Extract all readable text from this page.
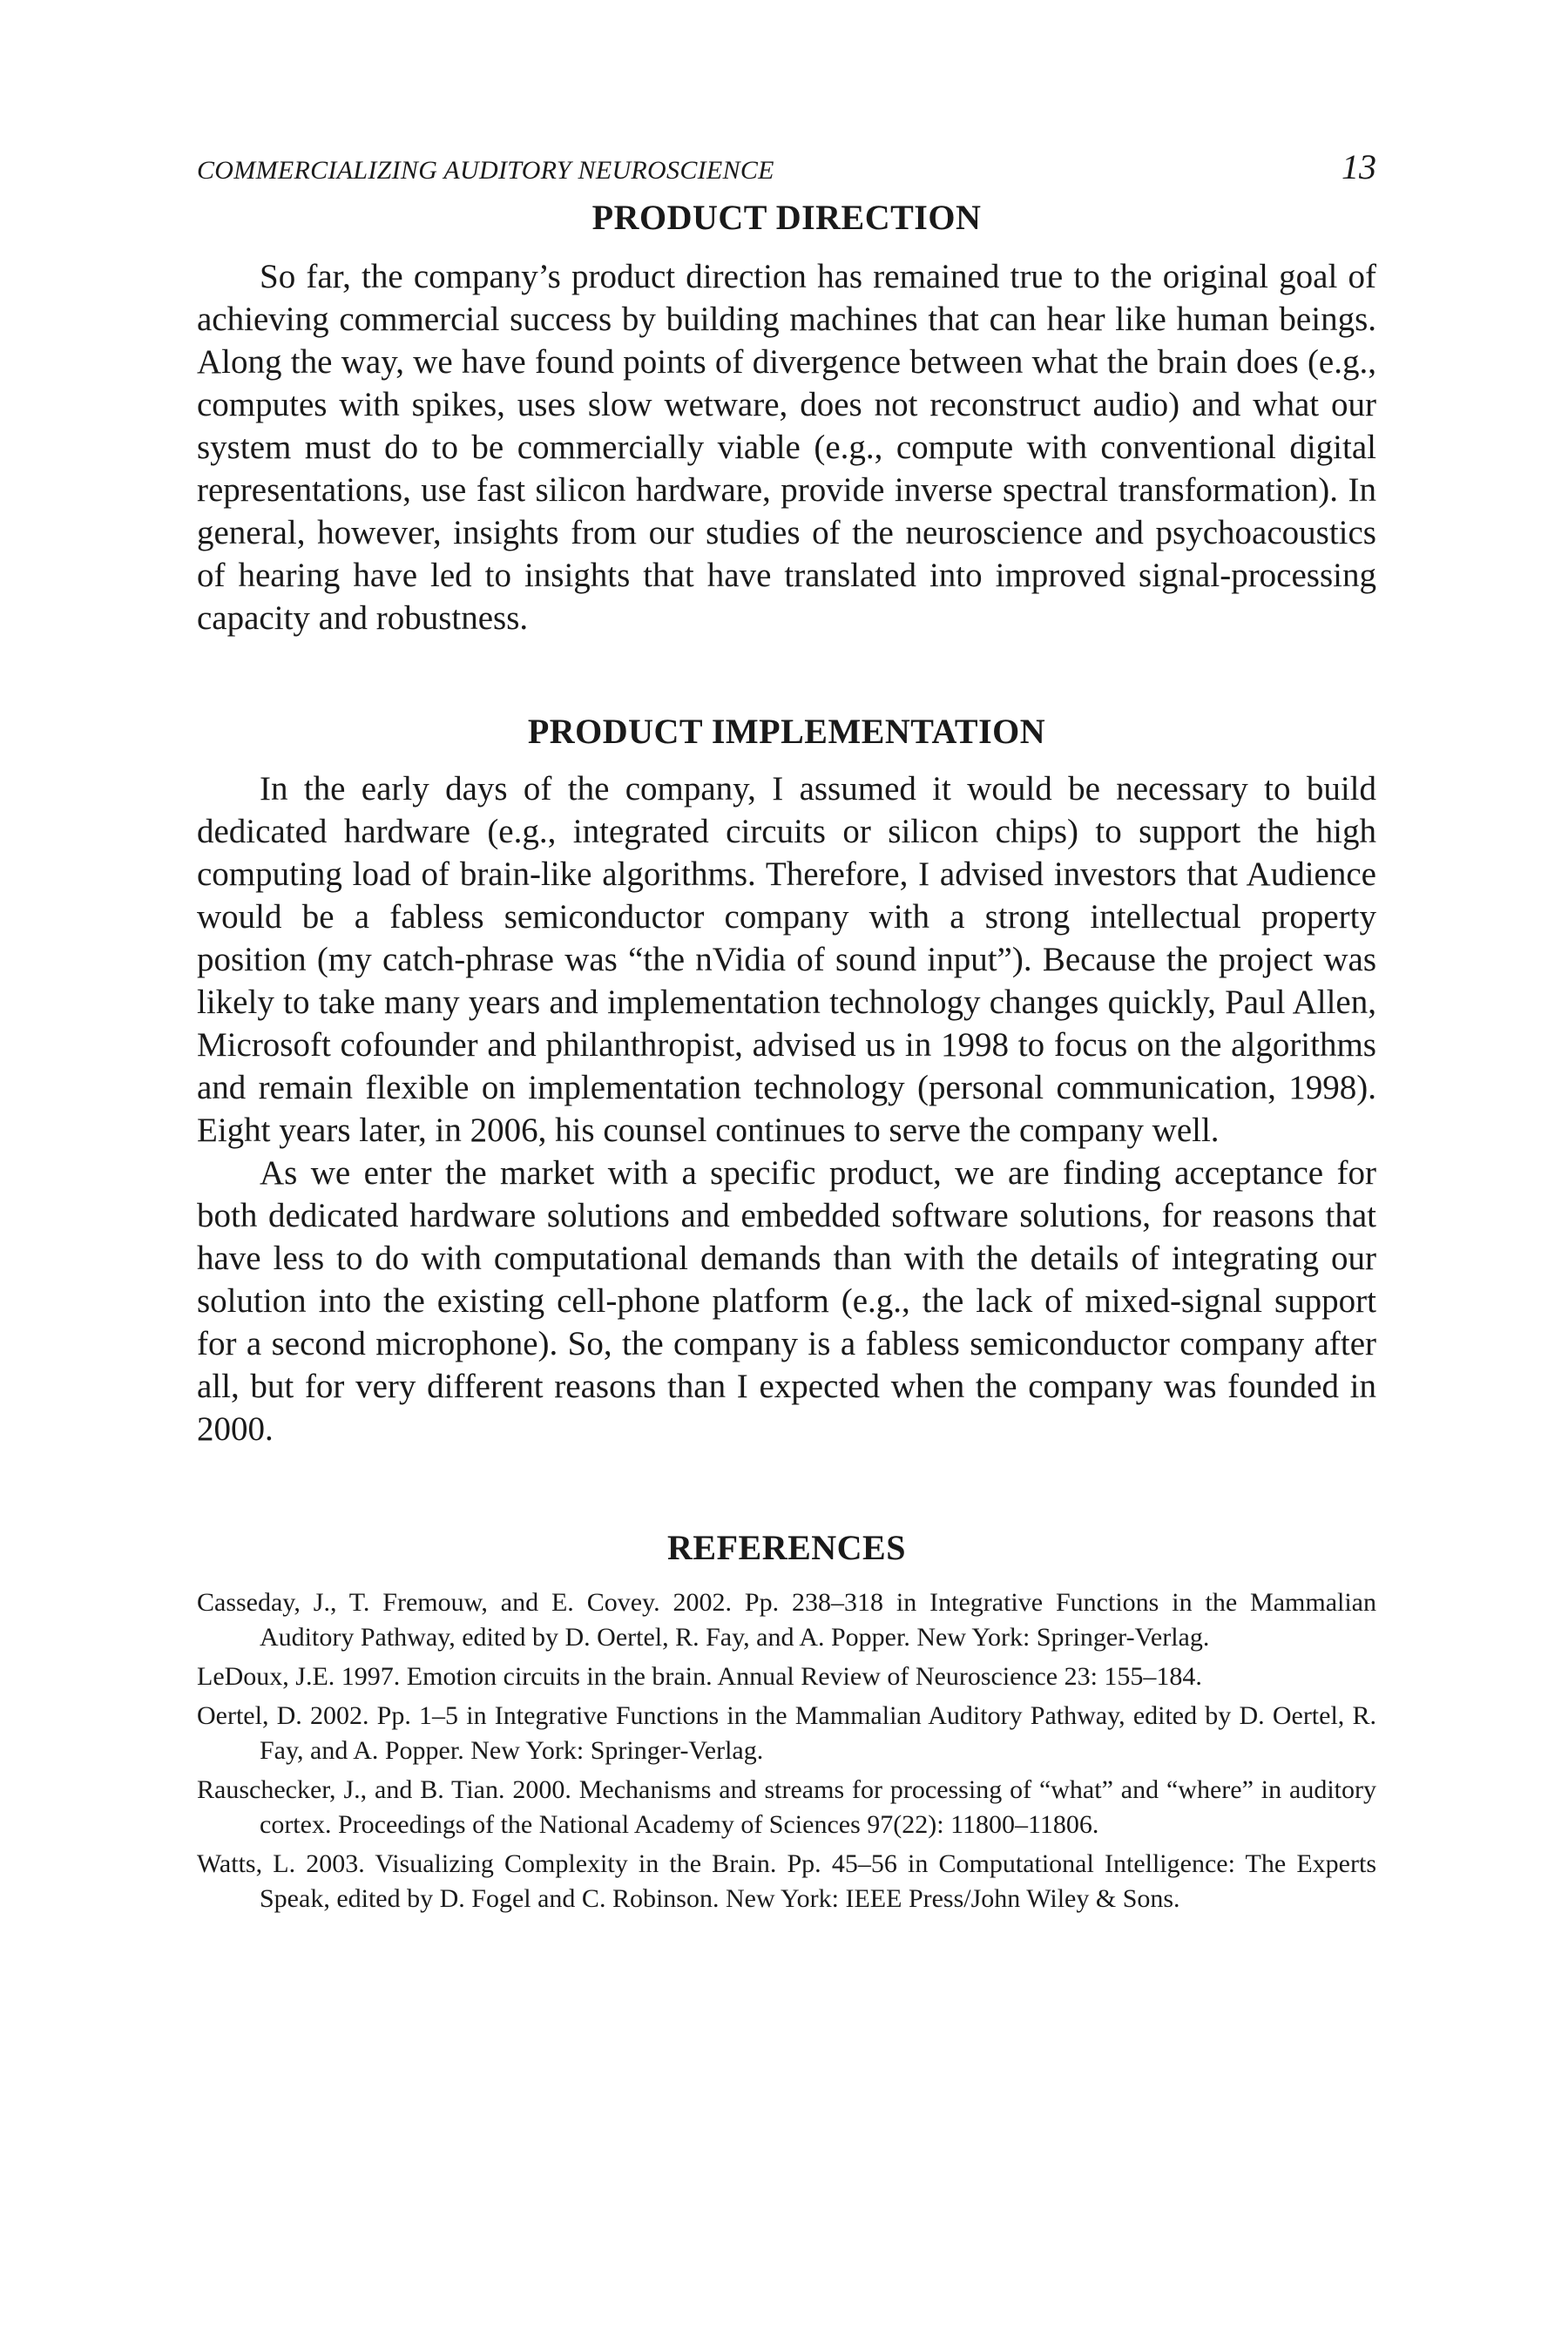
COMMERCIALIZING AUDITORY NEUROSCIENCE	13
PRODUCT DIRECTION

So far, the company’s product direction has remained true to the original goal of achieving commercial success by building machines that can hear like human beings. Along the way, we have found points of divergence between what the brain does (e.g., computes with spikes, uses slow wetware, does not reconstruct audio) and what our system must do to be commercially viable (e.g., compute with conventional digital representations, use fast silicon hardware, provide inverse spectral transformation). In general, however, insights from our studies of the neuroscience and psychoacoustics of hearing have led to insights that have translated into improved signal-processing capacity and robustness.

PRODUCT IMPLEMENTATION

In the early days of the company, I assumed it would be necessary to build dedicated hardware (e.g., integrated circuits or silicon chips) to support the high computing load of brain-like algorithms. Therefore, I advised investors that Audience would be a fabless semiconductor company with a strong intellectual property position (my catch-phrase was “the nVidia of sound input”). Because the project was likely to take many years and implementation technology changes quickly, Paul Allen, Microsoft cofounder and philanthropist, advised us in 1998 to focus on the algorithms and remain flexible on implementation technology (personal communication, 1998). Eight years later, in 2006, his counsel continues to serve the company well.

As we enter the market with a specific product, we are finding acceptance for both dedicated hardware solutions and embedded software solutions, for reasons that have less to do with computational demands than with the details of integrating our solution into the existing cell-phone platform (e.g., the lack of mixed-signal support for a second microphone). So, the company is a fabless semiconductor company after all, but for very different reasons than I expected when the company was founded in 2000.

REFERENCES
Casseday, J., T. Fremouw, and E. Covey. 2002. Pp. 238–318 in Integrative Functions in the Mammalian Auditory Pathway, edited by D. Oertel, R. Fay, and A. Popper. New York: Springer-Verlag.
LeDoux, J.E. 1997. Emotion circuits in the brain. Annual Review of Neuroscience 23: 155–184.
Oertel, D. 2002. Pp. 1–5 in Integrative Functions in the Mammalian Auditory Pathway, edited by D. Oertel, R. Fay, and A. Popper. New York: Springer-Verlag.
Rauschecker, J., and B. Tian. 2000. Mechanisms and streams for processing of “what” and “where” in auditory cortex. Proceedings of the National Academy of Sciences 97(22): 11800–11806.
Watts, L. 2003. Visualizing Complexity in the Brain. Pp. 45–56 in Computational Intelligence: The Experts Speak, edited by D. Fogel and C. Robinson. New York: IEEE Press/John Wiley & Sons.
